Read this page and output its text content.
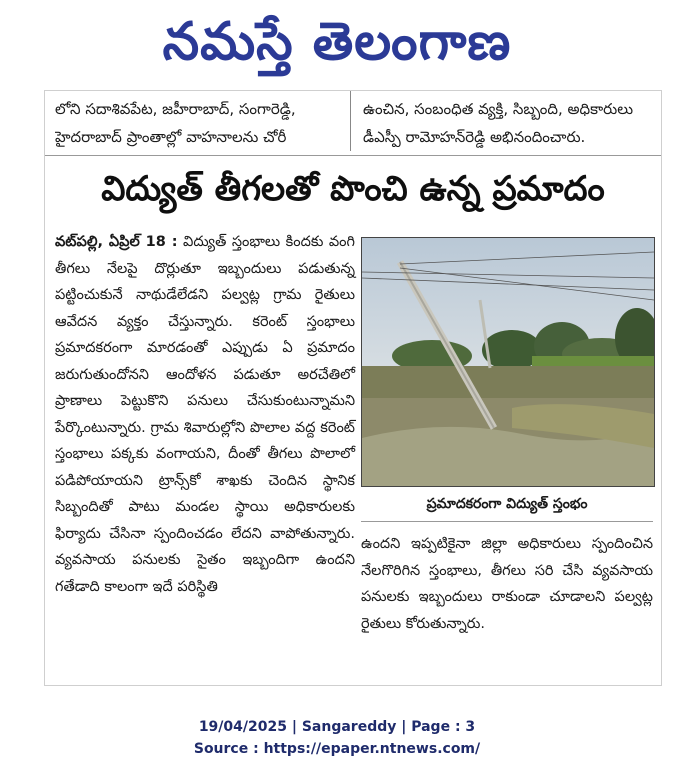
నమస్తే తెలంగాణ
లోని సదాశివపేట, జహీరాబాద్, సంగారెడ్డి,
హైదరాబాద్ ప్రాంతాల్లో వాహనాలను చోరీ
ఉంచిన, సంబంధిత వ్యక్తి, సిబ్బంది, అధికారులు
డీఎస్పీ రామోహన్‌రెడ్డి అభినందించారు.
విద్యుత్ తీగలతో పొంచి ఉన్న ప్రమాదం

వట్‌పల్లి, ఏప్రిల్ 18 : విద్యుత్ స్తంభాలు కిందకు వంగి తీగలు నేలపై దొర్లుతూ ఇబ్బందులు పడుతున్న పట్టించుకునే నాథుడేలేడని పల్వట్ల గ్రామ రైతులు ఆవేదన వ్యక్తం చేస్తున్నారు. కరెంట్ స్తంభాలు ప్రమాదకరంగా మారడంతో ఎప్పుడు ఏ ప్రమాదం జరుగుతుందోనని ఆందోళన పడుతూ అరచేతిలో ప్రాణాలు పెట్టుకొని పనులు చేసుకుంటున్నామని పేర్కొంటున్నారు. గ్రామ శివారుల్లోని పొలాల వద్ద కరెంట్ స్తంభాలు పక్కకు వంగాయని, దీంతో తీగలు పొలాలో పడిపోయాయని ట్రాన్స్‌కో శాఖకు చెందిన స్థానిక సిబ్బందితో పాటు మండల స్థాయి అధికారులకు ఫిర్యాదు చేసినా స్పందించడం లేదని వాపోతున్నారు. వ్యవసాయ పనులకు సైతం ఇబ్బందిగా ఉందని గతేడాది కాలంగా ఇదే పరిస్థితి

ప్రమాదకరంగా విద్యుత్ స్తంభం
ఉందని ఇప్పటికైనా జిల్లా అధికారులు స్పందించిన నేలగొరిగిన స్తంభాలు, తీగలు సరి చేసి వ్యవసాయ పనులకు ఇబ్బందులు రాకుండా చూడాలని పల్వట్ల రైతులు కోరుతున్నారు.
19/04/2025 | Sangareddy | Page : 3
Source : https://epaper.ntnews.com/
